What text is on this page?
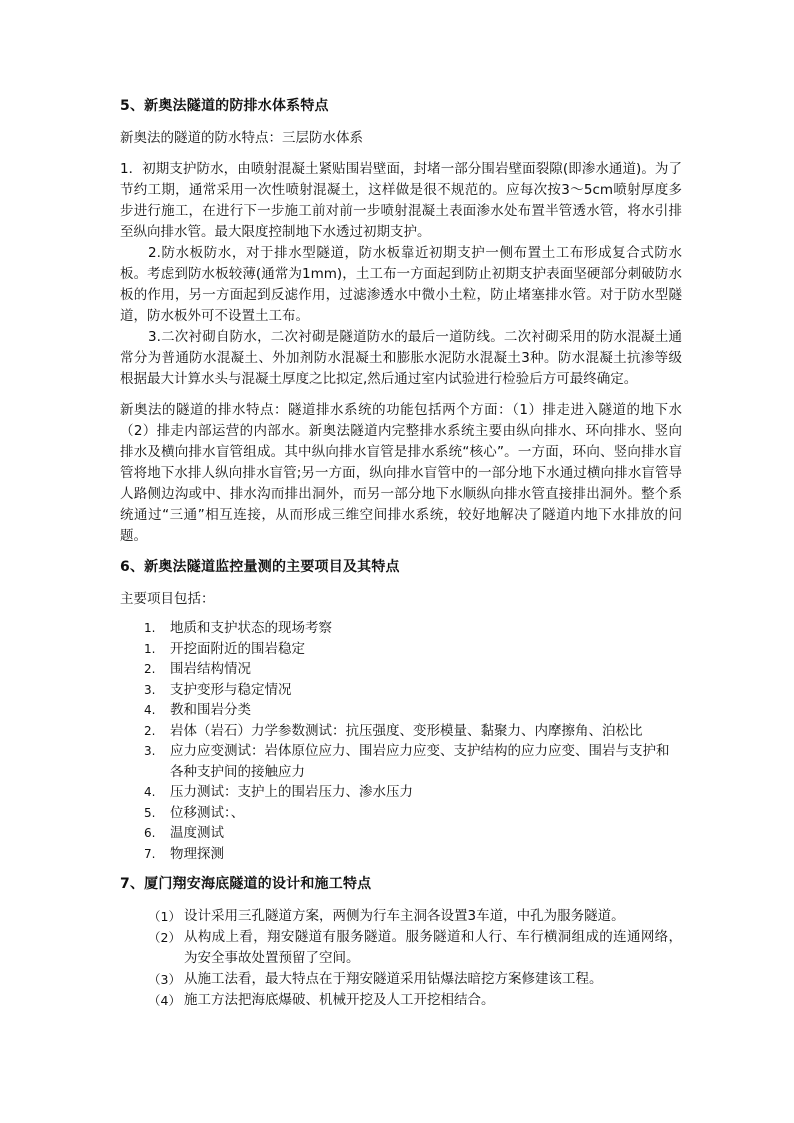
5、新奥法隧道的防排水体系特点

新奥法的隧道的防水特点：三层防水体系

1．初期支护防水，由喷射混凝土紧贴围岩壁面，封堵一部分围岩壁面裂隙(即渗水通道)。为了节约工期，通常采用一次性喷射混凝土，这样做是很不规范的。应每次按3～5cm喷射厚度多步进行施工，在进行下一步施工前对前一步喷射混凝土表面渗水处布置半管透水管，将水引排至纵向排水管。最大限度控制地下水透过初期支护。

2.防水板防水，对于排水型隧道，防水板靠近初期支护一侧布置土工布形成复合式防水板。考虑到防水板较薄(通常为1mm)，土工布一方面起到防止初期支护表面坚硬部分刺破防水板的作用，另一方面起到反滤作用，过滤渗透水中微小土粒，防止堵塞排水管。对于防水型隧道，防水板外可不设置土工布。

3.二次衬砌自防水，二次衬砌是隧道防水的最后一道防线。二次衬砌采用的防水混凝土通常分为普通防水混凝土、外加剂防水混凝土和膨胀水泥防水混凝土3种。防水混凝土抗渗等级根据最大计算水头与混凝土厚度之比拟定,然后通过室内试验进行检验后方可最终确定。

新奥法的隧道的排水特点：隧道排水系统的功能包括两个方面：（1）排走进入隧道的地下水（2）排走内部运营的内部水。新奥法隧道内完整排水系统主要由纵向排水、环向排水、竖向排水及横向排水盲管组成。其中纵向排水盲管是排水系统“核心”。一方面，环向、竖向排水盲管将地下水排人纵向排水盲管;另一方面，纵向排水盲管中的一部分地下水通过横向排水盲管导人路侧边沟或中、排水沟而排出洞外，而另一部分地下水顺纵向排水管直接排出洞外。整个系统通过“三通”相互连接，从而形成三维空间排水系统，较好地解决了隧道内地下水排放的问题。

6、新奥法隧道监控量测的主要项目及其特点

主要项目包括：

1. 地质和支护状态的现场考察
1. 开挖面附近的围岩稳定
2. 围岩结构情况
3. 支护变形与稳定情况
4. 教和围岩分类
2. 岩体（岩石）力学参数测试：抗压强度、变形模量、黏聚力、内摩擦角、泊松比
3. 应力应变测试：岩体原位应力、围岩应力应变、支护结构的应力应变、围岩与支护和各种支护间的接触应力
4. 压力测试：支护上的围岩压力、渗水压力
5. 位移测试：、
6. 温度测试
7. 物理探测
7、厦门翔安海底隧道的设计和施工特点
（1） 设计采用三孔隧道方案，两侧为行车主洞各设置3车道，中孔为服务隧道。
（2） 从构成上看，翔安隧道有服务隧道。服务隧道和人行、车行横洞组成的连通网络，为安全事故处置预留了空间。
（3） 从施工法看，最大特点在于翔安隧道采用钻爆法暗挖方案修建该工程。
（4） 施工方法把海底爆破、机械开挖及人工开挖相结合。
